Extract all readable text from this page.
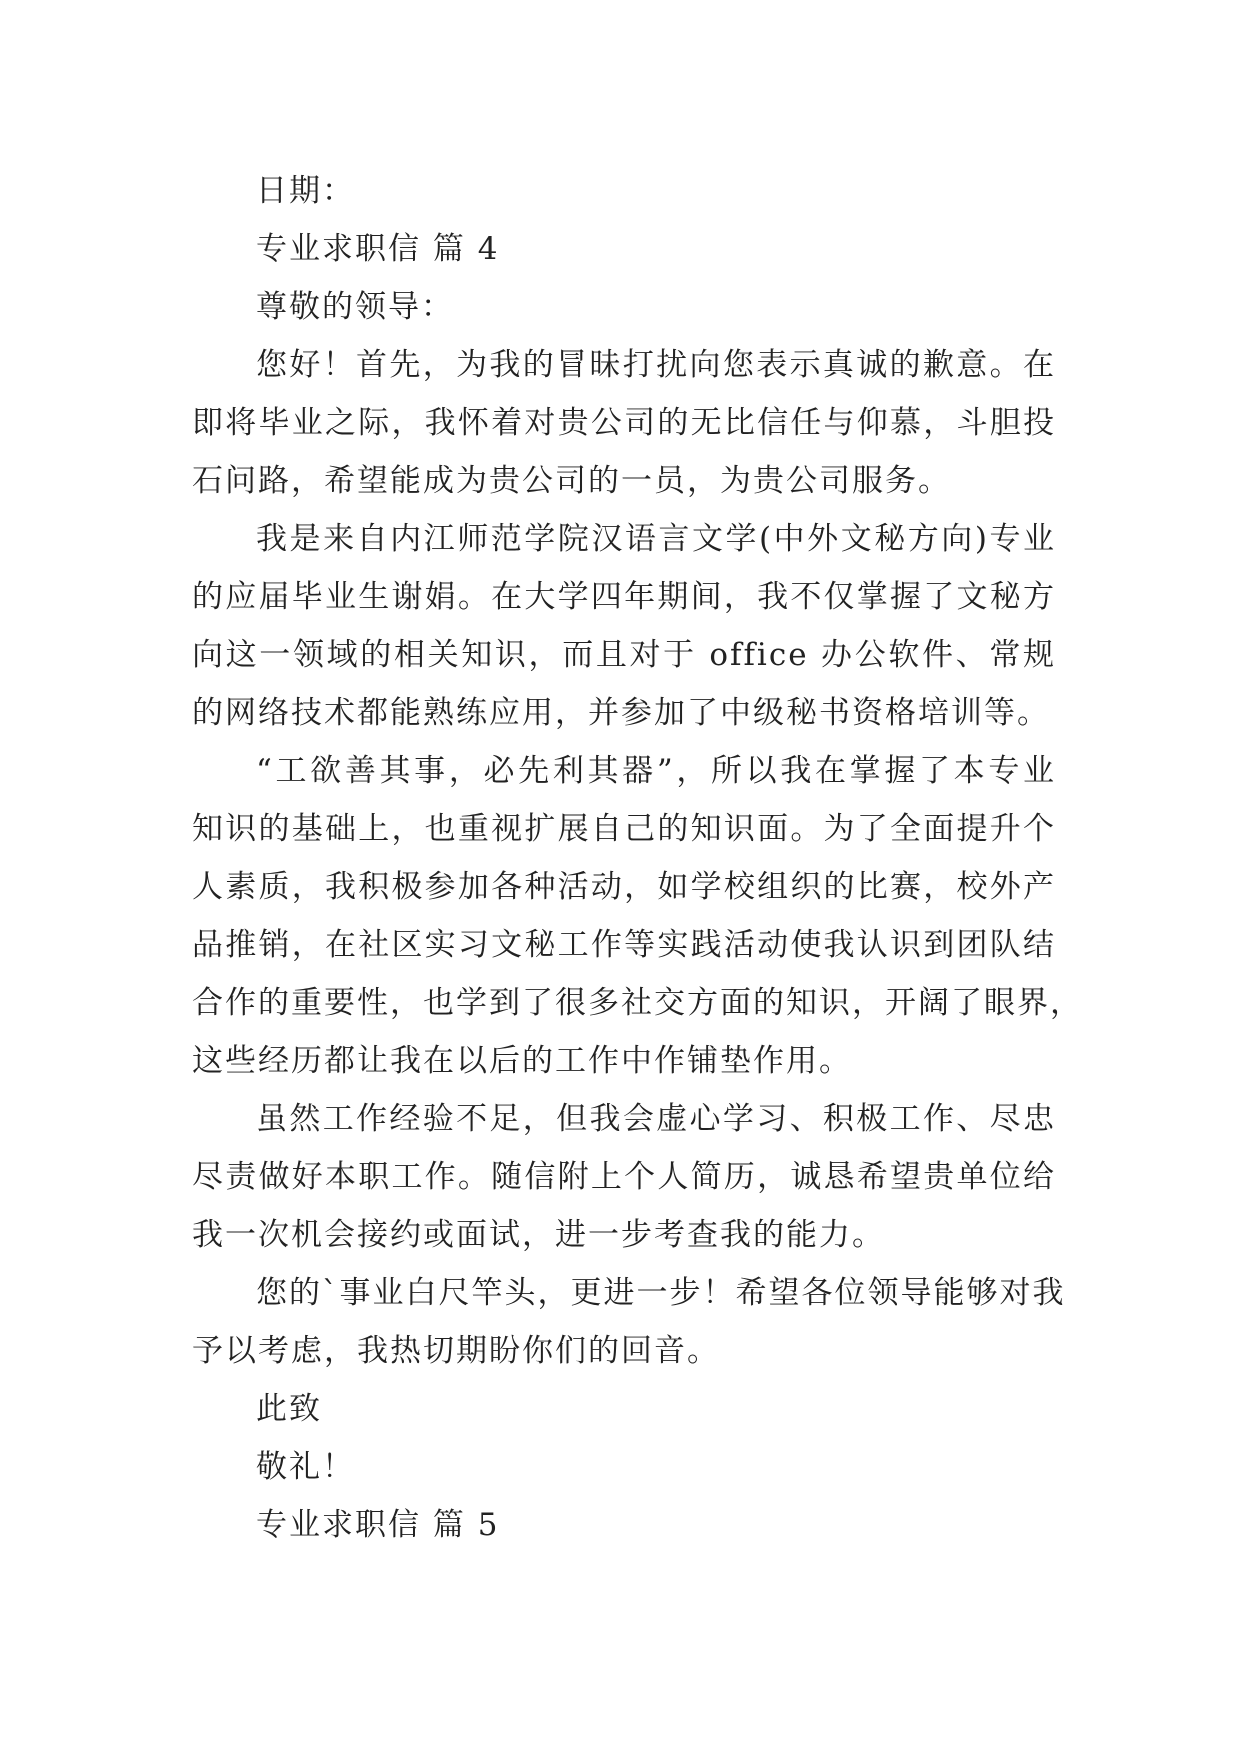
日期：

专业求职信 篇 4

尊敬的领导：

您好！首先，为我的冒昧打扰向您表示真诚的歉意。在

即将毕业之际，我怀着对贵公司的无比信任与仰慕，斗胆投

石问路，希望能成为贵公司的一员，为贵公司服务。

我是来自内江师范学院汉语言文学(中外文秘方向)专业

的应届毕业生谢娟。在大学四年期间，我不仅掌握了文秘方

向这一领域的相关知识，而且对于 office 办公软件、常规

的网络技术都能熟练应用，并参加了中级秘书资格培训等。

“工欲善其事，必先利其器”，所以我在掌握了本专业

知识的基础上，也重视扩展自己的知识面。为了全面提升个

人素质，我积极参加各种活动，如学校组织的比赛，校外产

品推销，在社区实习文秘工作等实践活动使我认识到团队结

合作的重要性，也学到了很多社交方面的知识，开阔了眼界，

这些经历都让我在以后的工作中作铺垫作用。

虽然工作经验不足，但我会虚心学习、积极工作、尽忠

尽责做好本职工作。随信附上个人简历，诚恳希望贵单位给

我一次机会接约或面试，进一步考查我的能力。

您的`事业白尺竿头，更进一步！希望各位领导能够对我

予以考虑，我热切期盼你们的回音。

此致

敬礼！

专业求职信 篇 5
